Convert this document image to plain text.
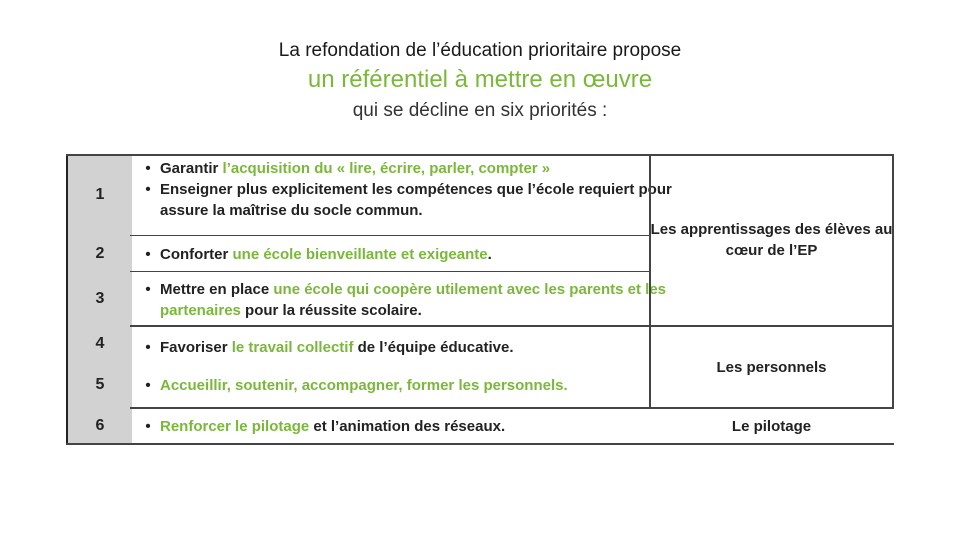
La refondation de l’éducation prioritaire propose
un référentiel à mettre en œuvre
qui se décline en six priorités :
1
2
3
4
5
6
• Garantir l’acquisition du « lire, écrire, parler, compter »
• Enseigner plus explicitement les compétences que l’école requiert pour assure la maîtrise du socle commun.
• Conforter une école bienveillante et exigeante.
• Mettre en place une école qui coopère utilement avec les parents et les partenaires pour la réussite scolaire.
• Favoriser le travail collectif de l’équipe éducative.
• Accueillir, soutenir, accompagner, former les personnels.
• Renforcer le pilotage et l’animation des réseaux.
Les apprentissages des élèves au cœur de l’EP
Les personnels
Le pilotage
